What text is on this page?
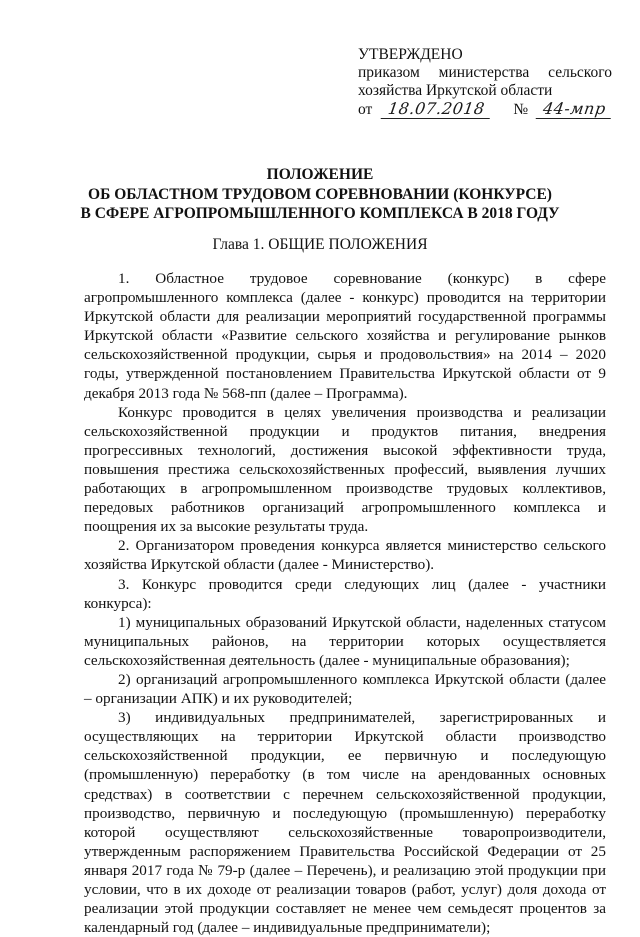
УТВЕРЖДЕНО
приказом министерства сельского
хозяйства Иркутской области
от 18.07.2018	№ 44-мпр
ПОЛОЖЕНИЕ
ОБ ОБЛАСТНОМ ТРУДОВОМ СОРЕВНОВАНИИ (КОНКУРСЕ)
В СФЕРЕ АГРОПРОМЫШЛЕННОГО КОМПЛЕКСА В 2018 ГОДУ
Глава 1. ОБЩИЕ ПОЛОЖЕНИЯ

1. Областное трудовое соревнование (конкурс) в сфере агропромышленного комплекса (далее - конкурс) проводится на территории Иркутской области для реализации мероприятий государственной программы Иркутской области «Развитие сельского хозяйства и регулирование рынков сельскохозяйственной продукции, сырья и продовольствия» на 2014 – 2020 годы, утвержденной постановлением Правительства Иркутской области от 9 декабря 2013 года № 568-пп (далее – Программа).

Конкурс проводится в целях увеличения производства и реализации сельскохозяйственной продукции и продуктов питания, внедрения прогрессивных технологий, достижения высокой эффективности труда, повышения престижа сельскохозяйственных профессий, выявления лучших работающих в агропромышленном производстве трудовых коллективов, передовых работников организаций агропромышленного комплекса и поощрения их за высокие результаты труда.

2. Организатором проведения конкурса является министерство сельского хозяйства Иркутской области (далее - Министерство).

3. Конкурс проводится среди следующих лиц (далее - участники конкурса):

1) муниципальных образований Иркутской области, наделенных статусом муниципальных районов, на территории которых осуществляется сельскохозяйственная деятельность (далее - муниципальные образования);

2) организаций агропромышленного комплекса Иркутской области (далее – организации АПК) и их руководителей;

3) индивидуальных предпринимателей, зарегистрированных и осуществляющих на территории Иркутской области производство сельскохозяйственной продукции, ее первичную и последующую (промышленную) переработку (в том числе на арендованных основных средствах) в соответствии с перечнем сельскохозяйственной продукции, производство, первичную и последующую (промышленную) переработку которой осуществляют сельскохозяйственные товаропроизводители, утвержденным распоряжением Правительства Российской Федерации от 25 января 2017 года № 79-р (далее – Перечень), и реализацию этой продукции при условии, что в их доходе от реализации товаров (работ, услуг) доля дохода от реализации этой продукции составляет не менее чем семьдесят процентов за календарный год (далее – индивидуальные предприниматели);
